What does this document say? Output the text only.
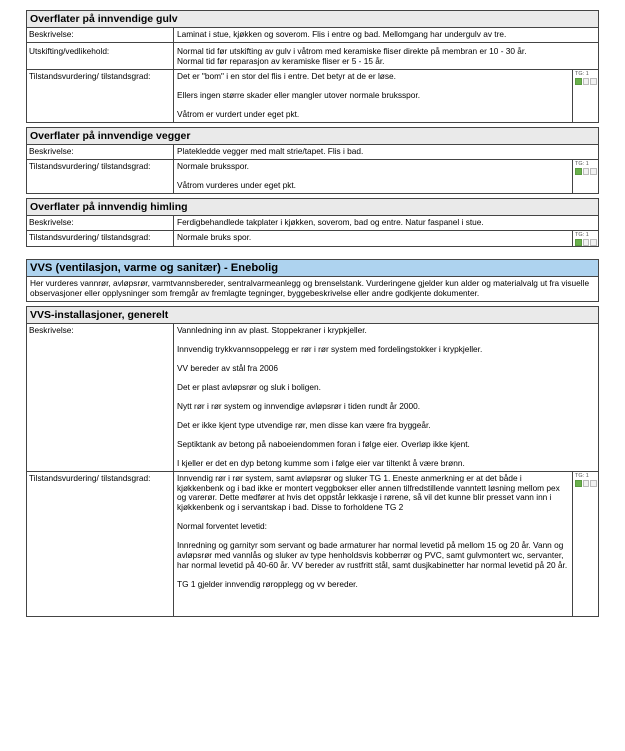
Overflater på innvendige gulv
Beskrivelse:	Laminat i stue, kjøkken og soverom. Flis i entre og bad. Mellomgang har undergulv av tre.
Utskifting/vedlikehold:	Normal tid før utskifting av gulv i våtrom med keramiske fliser direkte på membran er 10 - 30 år.

Normal tid før reparasjon av keramiske fliser er 5 - 15 år.

Tilstandsvurdering/ tilstandsgrad:	Det er "bom" i en stor del flis i entre. Det betyr at de er løse.

Ellers ingen større skader eller mangler utover normale bruksspor.

Våtrom er vurdert under eget pkt.

TG: 1
Overflater på innvendige vegger
Beskrivelse:	Platekledde vegger med malt strie/tapet. Flis i bad.
Tilstandsvurdering/ tilstandsgrad:	Normale bruksspor.

Våtrom vurderes under eget pkt.

TG: 1
Overflater på innvendig himling
Beskrivelse:	Ferdigbehandlede takplater i kjøkken, soverom, bad og entre. Natur faspanel i stue.
Tilstandsvurdering/ tilstandsgrad:	Normale bruks spor.	TG: 1
VVS (ventilasjon, varme og sanitær) - Enebolig
Her vurderes vannrør, avløpsrør, varmtvannsbereder, sentralvarmeanlegg og brenselstank. Vurderingene gjelder kun alder og materialvalg ut fra visuelle observasjoner eller opplysninger som fremgår av fremlagte tegninger, byggebeskrivelse eller andre godkjente dokumenter.
VVS-installasjoner, generelt
Beskrivelse:	Vannledning inn av plast. Stoppekraner i krypkjeller.

Innvendig trykkvannsoppelegg er rør i rør system med fordelingstokker i krypkjeller.

VV bereder av stål fra 2006

Det er plast avløpsrør og sluk i boligen.

Nytt rør i rør system og innvendige avløpsrør i tiden rundt år 2000.

Det er ikke kjent type utvendige rør, men disse kan være fra byggeår.

Septiktank av betong på naboeiendommen foran i følge eier. Overløp ikke kjent.

I kjeller er det en dyp betong kumme som i følge eier var tiltenkt å være brønn.

Tilstandsvurdering/ tilstandsgrad:	Innvendig rør i rør system, samt avløpsrør og sluker TG 1. Eneste anmerkning er at det både i kjøkkenbenk og i bad ikke er montert veggbokser eller annen tilfredstillende vanntett løsning mellom pex og varerør. Dette medfører at hvis det oppstår lekkasje i rørene, så vil det kunne blir presset vann inn i kjøkkenbenk og i servantskap i bad. Disse to forholdene TG 2

Normal forventet levetid:

Innredning og garnityr som servant og bade armaturer har normal levetid på mellom 15 og 20 år. Vann og avløpsrør med vannlås og sluker av type henholdsvis kobberrør og PVC, samt gulvmontert wc, servanter, har normal levetid på 40-60 år. VV bereder av rustfritt stål, samt dusjkabinetter har normal levetid på 20 år.

TG 1 gjelder innvendig røropplegg og vv bereder.

TG: 1
